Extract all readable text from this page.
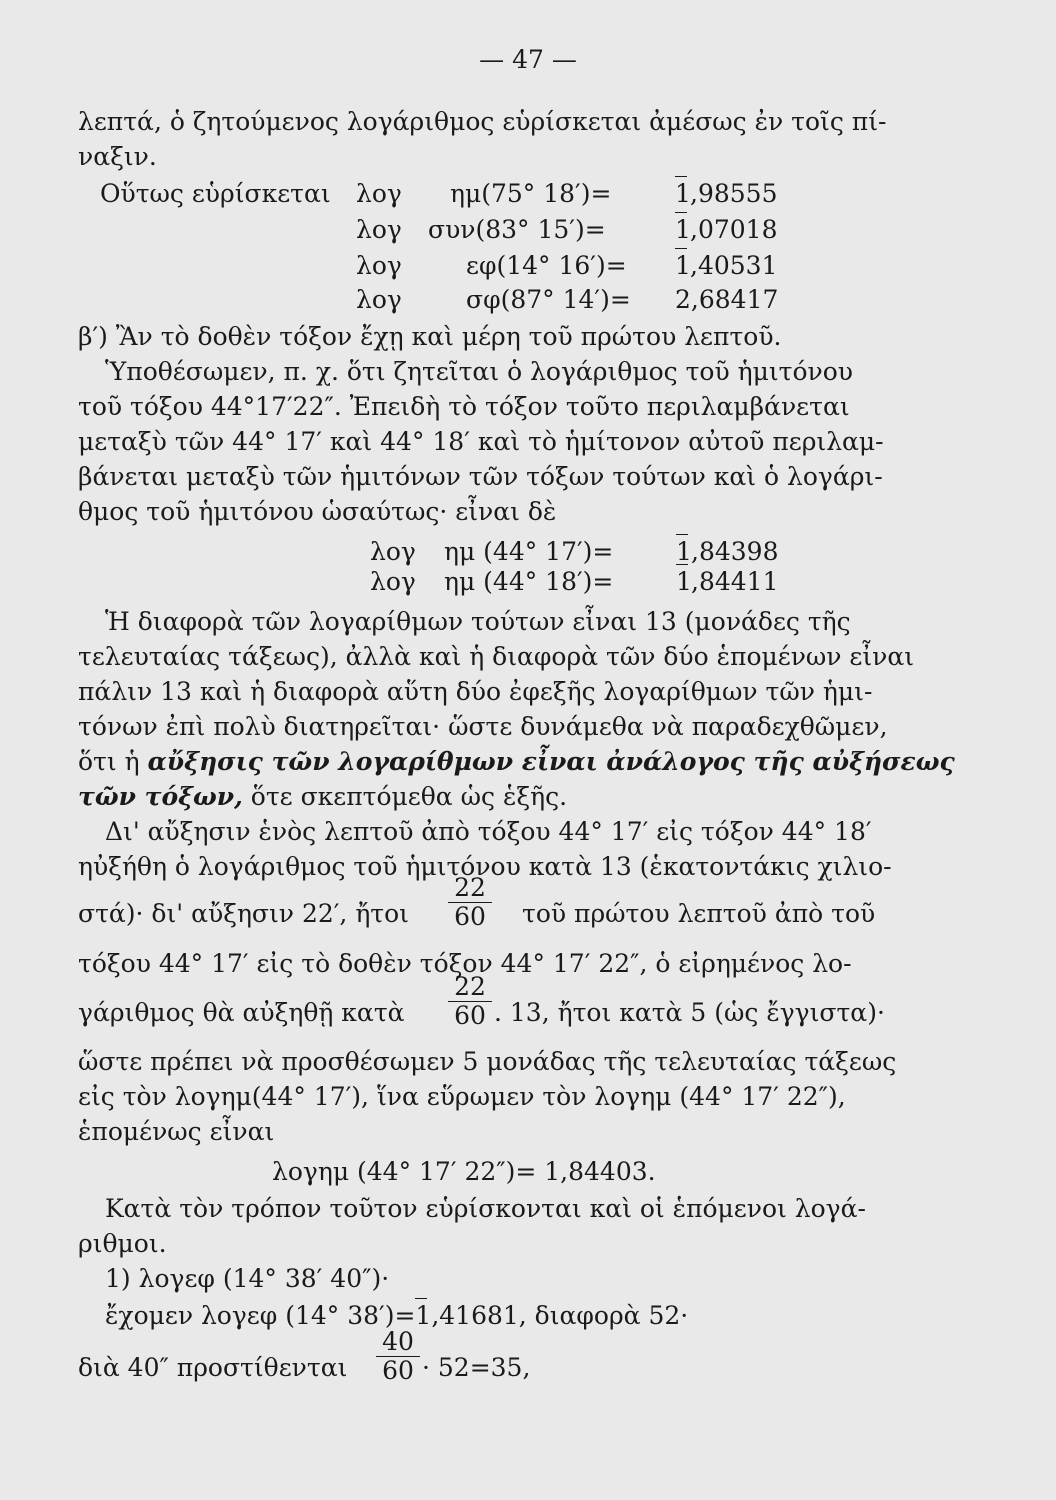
— 47 —
λεπτά, ὁ ζητούμενος λογάριθμος εὑρίσκεται ἀμέσως ἐν τοῖς πί-
ναξιν.
Οὕτως εὑρίσκεται λογ ημ(75° 18′)=	1 ,98555
λογ συν(83° 15′)=	1 ,07018
λογ	εφ(14° 16′)= 1 ,40531
λογ	σφ(87° 14′)= 2,68417
β′) Ἂν τὸ δοθὲν τόξον ἔχῃ καὶ μέρη τοῦ πρώτου λεπτοῦ.
Ὑποθέσωμεν, π. χ. ὅτι ζητεῖται ὁ λογάριθμος τοῦ ἡμιτόνου
τοῦ τόξου 44°17′22″. Ἐπειδὴ τὸ τόξον τοῦτο περιλαμβάνεται
μεταξὺ τῶν 44° 17′ καὶ 44° 18′ καὶ τὸ ἡμίτονον αὐτοῦ περιλαμ-
βάνεται μεταξὺ τῶν ἡμιτόνων τῶν τόξων τούτων καὶ ὁ λογάρι-
θμος τοῦ ἡμιτόνου ὡσαύτως· εἶναι δὲ
λογ ημ (44° 17′)=	1 ,84398
λογ ημ (44° 18′)=	1 ,84411
Ἡ διαφορὰ τῶν λογαρίθμων τούτων εἶναι 13 (μονάδες τῆς
τελευταίας τάξεως), ἀλλὰ καὶ ἡ διαφορὰ τῶν δύο ἑπομένων εἶναι
πάλιν 13 καὶ ἡ διαφορὰ αὕτη δύο ἐφεξῆς λογαρίθμων τῶν ἡμι-
τόνων ἐπὶ πολὺ διατηρεῖται· ὥστε δυνάμεθα νὰ παραδεχθῶμεν,
ὅτι ἡ αὔξησις τῶν λογαρίθμων εἶναι ἀνάλογος τῆς αὐξήσεως
τῶν τόξων, ὅτε σκεπτόμεθα ὡς ἑξῆς.
Δι' αὔξησιν ἑνὸς λεπτοῦ ἀπὸ τόξου 44° 17′ εἰς τόξον 44° 18′
ηὐξήθη ὁ λογάριθμος τοῦ ἡμιτόνου κατὰ 13 (ἑκατοντάκις χιλιο-
στά)· δι' αὔξησιν 22′, ἤτοι	$\frac{22}{60}$ τοῦ πρώτου λεπτοῦ ἀπὸ τοῦ
τόξου 44° 17′ εἰς τὸ δοθὲν τόξον 44° 17′ 22″, ὁ εἰρημένος λο-
γάριθμος θὰ αὐξηθῇ κατὰ	$\frac{22}{60}$ . 13, ἤτοι κατὰ 5 (ὡς ἔγγιστα)·
ὥστε πρέπει νὰ προσθέσωμεν 5 μονάδας τῆς τελευταίας τάξεως
εἰς τὸν λογημ(44° 17′), ἵνα εὕρωμεν τὸν λογημ (44° 17′ 22″),
ἑπομένως εἶναι
λογημ (44° 17′ 22″)= 1,84403.
Κατὰ τὸν τρόπον τοῦτον εὑρίσκονται καὶ οἱ ἑπόμενοι λογά-
ριθμοι.
1) λογεφ (14° 38′ 40″)·
ἔχομεν λογεφ (14° 38′)=1,41681, διαφορὰ 52·
διὰ 40″ προστίθενται	$\frac{40}{60} \cdot 52=35$,
